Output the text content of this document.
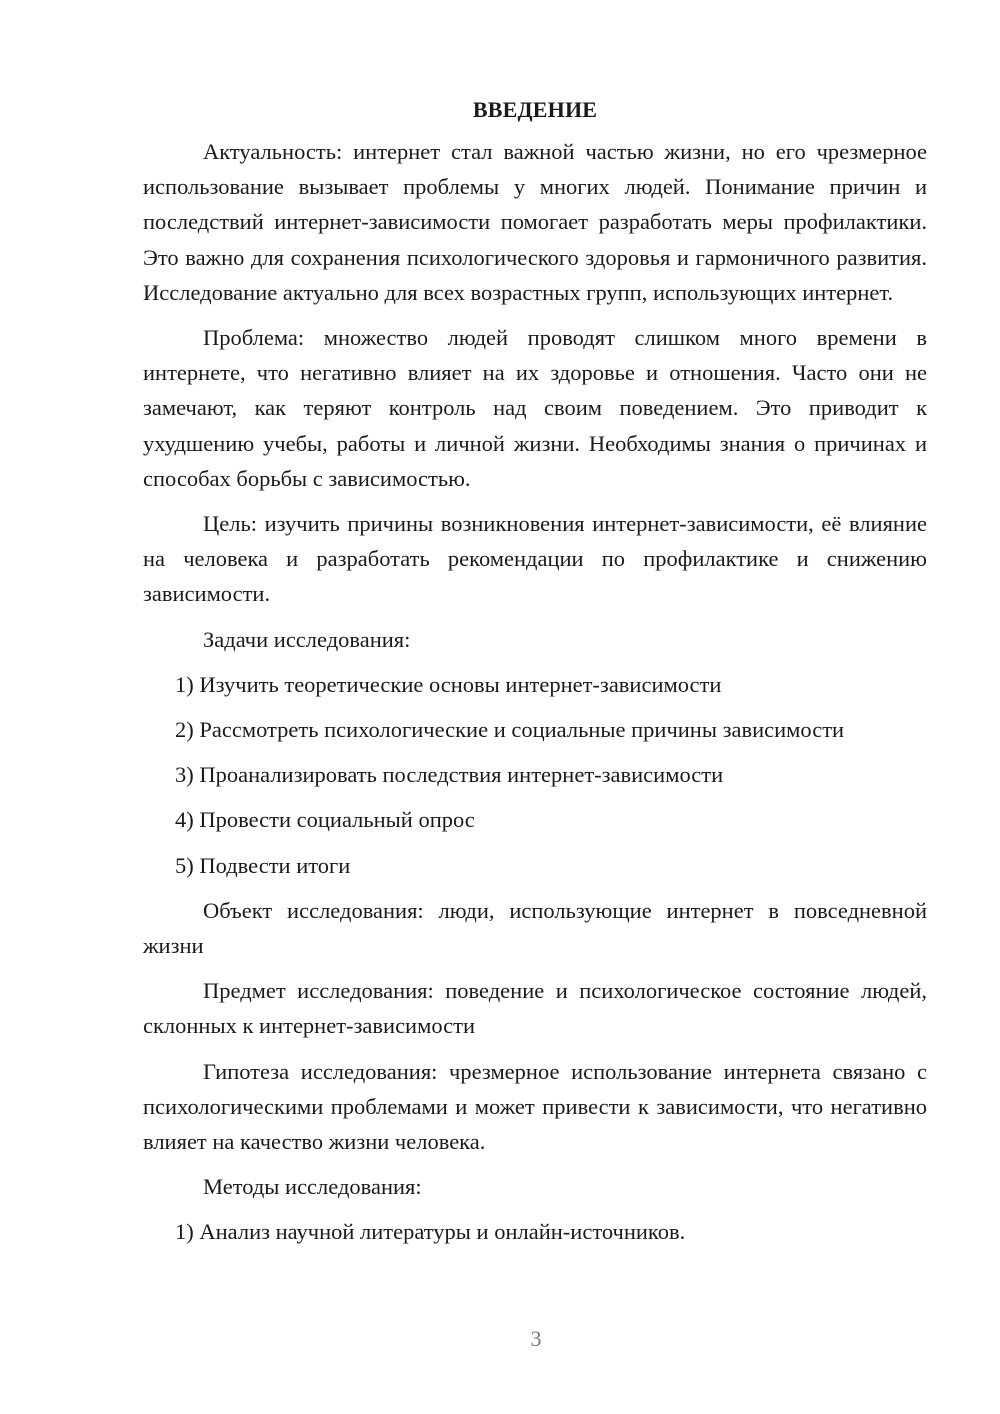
ВВЕДЕНИЕ

Актуальность: интернет стал важной частью жизни, но его чрезмерное использование вызывает проблемы у многих людей. Понимание причин и последствий интернет-зависимости помогает разработать меры профилактики. Это важно для сохранения психологического здоровья и гармоничного развития. Исследование актуально для всех возрастных групп, использующих интернет.

Проблема: множество людей проводят слишком много времени в интернете, что негативно влияет на их здоровье и отношения. Часто они не замечают, как теряют контроль над своим поведением. Это приводит к ухудшению учебы, работы и личной жизни. Необходимы знания о причинах и способах борьбы с зависимостью.

Цель: изучить причины возникновения интернет-зависимости, её влияние на человека и разработать рекомендации по профилактике и снижению зависимости.

Задачи исследования:

1) Изучить теоретические основы интернет-зависимости

2) Рассмотреть психологические и социальные причины зависимости

3) Проанализировать последствия интернет-зависимости

4) Провести социальный опрос

5) Подвести итоги

Объект исследования: люди, использующие интернет в повседневной жизни

Предмет исследования: поведение и психологическое состояние людей, склонных к интернет-зависимости

Гипотеза исследования: чрезмерное использование интернета связано с психологическими проблемами и может привести к зависимости, что негативно влияет на качество жизни человека.

Методы исследования:

1) Анализ научной литературы и онлайн-источников.

3
